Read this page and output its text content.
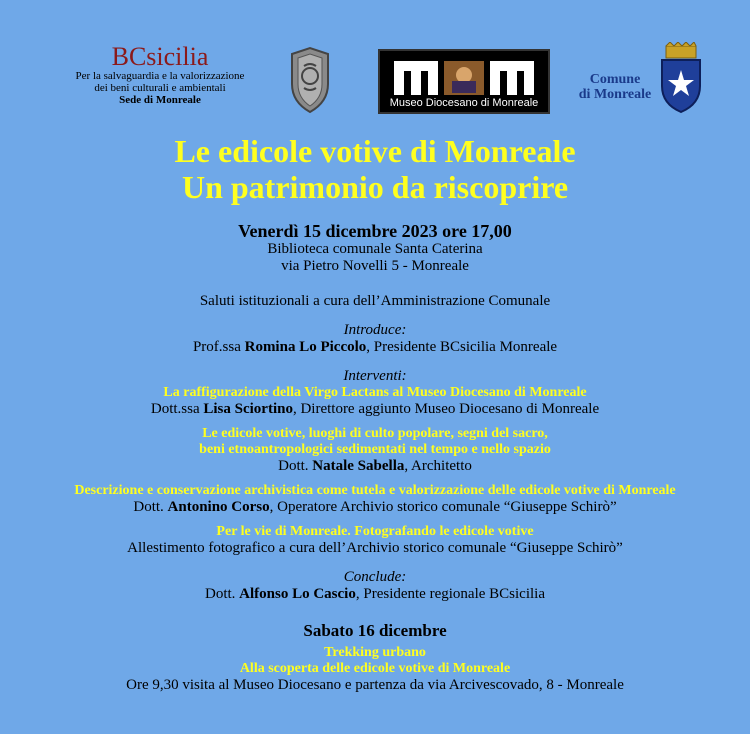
BCsicilia
Per la salvaguardia e la valorizzazione
dei beni culturali e ambientali
Sede di Monreale	Museo Diocesano di Monreale
Comune
di Monreale
Le edicole votive di Monreale
Un patrimonio da riscoprire
Venerdì 15 dicembre 2023 ore 17,00
Biblioteca comunale Santa Caterina
via Pietro Novelli 5 - Monreale
Saluti istituzionali a cura dell’Amministrazione Comunale
Introduce:
Prof.ssa Romina Lo Piccolo, Presidente BCsicilia Monreale
Interventi:
La raffigurazione della Virgo Lactans al Museo Diocesano di Monreale
Dott.ssa Lisa Sciortino, Direttore aggiunto Museo Diocesano di Monreale
Le edicole votive, luoghi di culto popolare, segni del sacro,
beni etnoantropologici sedimentati nel tempo e nello spazio
Dott. Natale Sabella, Architetto
Descrizione e conservazione archivistica come tutela e valorizzazione delle edicole votive di Monreale
Dott. Antonino Corso, Operatore Archivio storico comunale “Giuseppe Schirò”
Per le vie di Monreale. Fotografando le edicole votive
Allestimento fotografico a cura dell’Archivio storico comunale “Giuseppe Schirò”
Conclude:
Dott. Alfonso Lo Cascio, Presidente regionale BCsicilia
Sabato 16 dicembre
Trekking urbano
Alla scoperta delle edicole votive di Monreale
Ore 9,30 visita al Museo Diocesano e partenza da via Arcivescovado, 8 - Monreale
